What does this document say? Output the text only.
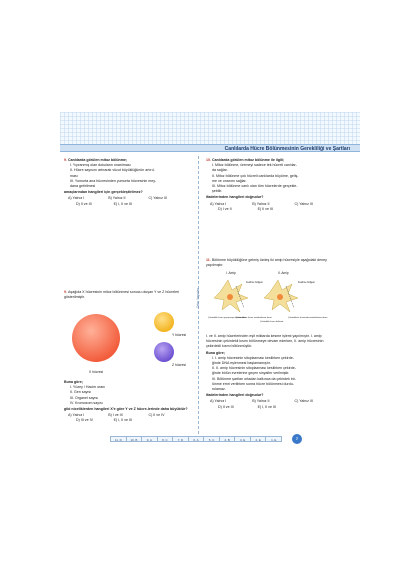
Canlılarda Hücre Bölünmesinin Gerekliliği ve Şartları
Zafer Yayınları
9.Canlılarda görülen mitoz bölünme;
I. Yıpranmış olan dokuların onarılması
II. Hücre sayısını artırarak vücut büyüklüğünün artırıl-
ması
III. Yumurta ana hücresinden yumurta hücresinin mey-
dana getirilmesi
amaçlarından hangileri için gerçekleştirilmez?
A) Yalnız I	B) Yalnız II	C) Yalnız III
D) II ve III	E) I, II ve III
10.Canlılarda görülen mitoz bölünme ile ilgili;
I. Mitoz bölünme, üremeyi sadece tek hücreli canlılar-
da sağlar.
II. Mitoz bölünme çok hücreli canlılarda büyüme, geliş-
me ve onarımı sağlar.
III. Mitoz bölünme canlı olan tüm hücrelerde gerçekle-
şebilir.
ifadelerinden hangileri doğrudur?
A) Yalnız I	B) Yalnız II	C) Yalnız III
D) I ve II	E) II ve III
9.Aşağıda X hücresinin mitoz bölünmesi sonucu oluşan Y ve Z hücreleri gösterilmiştir.
X hücresi
Y hücresi
Z hücresi
Buna göre;
I. Yüzey / Hacim oranı
II. Gen sayısı
III. Organel sayısı
IV. Kromozom sayısı
gibi niceliklerden hangileri X'e göre Y ve Z hücre-lerinde daha büyüktür?
A) Yalnız I	B) I ve III	C) II ve IV
D) III ve IV	E) I, II ve III
11.Bölünme büyüklüğüne gelmiş özdeş iki amip hücresiyle aşağıdaki deney yapılmıştır.
I. Amip	II. Amip
Kesilme bölgesi	Kesilme bölgesi
Çekirdekli kısmı yaşamaya devam eder
Çekirdeksiz kısmı metabolizma durur
Çekirdekli kısmı bölünür
Çekirdeksiz kısmında metabolizma durur
I. ve II. amip hücrelerinden eşit miktarda kesme işlemi yapılmıştır. I. amip hücresinin çekirdekli kısmı bölünmeye devam ederken, II. amip hücresinin çekirdekli kısmı bölünmüştür.
Buna göre;
I. I. amip hücresinin sitoplazması kesilirken çekirde-
ğinde DNA eşlenmesi başlamamıştır.
II. II. amip hücresinin sitoplazması kesilirken çekirde-
ğinde bölün evrelerine geçen sinyaller verilmiştir.
III. Bölünme şartları ortadan kalkınca da çekirdek bö-
lünme emri verilirken sonra hücre bölünmesi durdu-
rulamaz.
ifadelerinden hangileri doğrudur?
A) Yalnız I	B) Yalnız II	C) Yalnız III
D) II ve III	E) I, II ve III
11. D	10. B	9. A	8. C	7. D	6. A	5. C	4. B	3. E	2. E	1. E	7
